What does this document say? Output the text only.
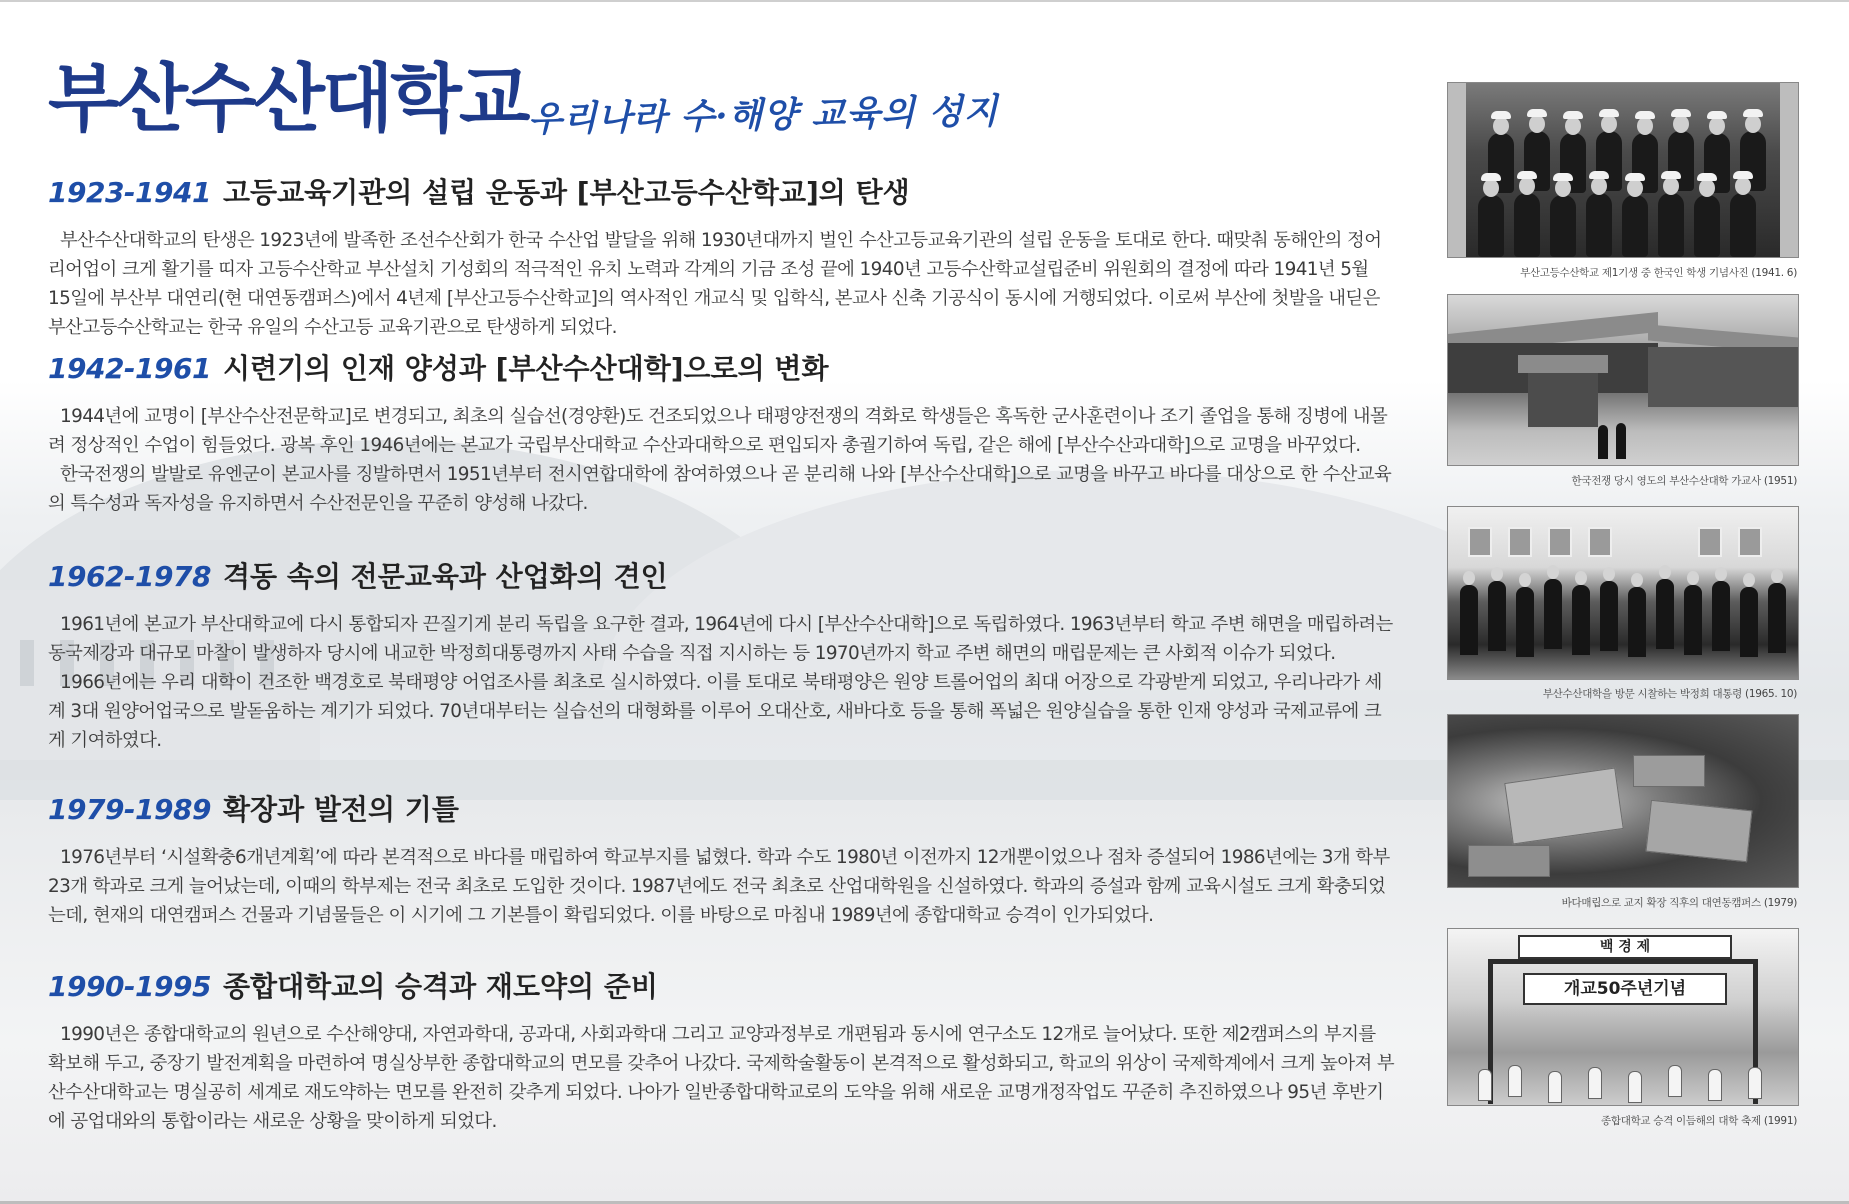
부산수산대학교 우리나라 수·해양 교육의 성지
1923-1941 고등교육기관의 설립 운동과 [부산고등수산학교]의 탄생

부산수산대학교의 탄생은 1923년에 발족한 조선수산회가 한국 수산업 발달을 위해 1930년대까지 벌인 수산고등교육기관의 설립 운동을 토대로 한다. 때맞춰 동해안의 정어리어업이 크게 활기를 띠자 고등수산학교 부산설치 기성회의 적극적인 유치 노력과 각계의 기금 조성 끝에 1940년 고등수산학교설립준비 위원회의 결정에 따라 1941년 5월 15일에 부산부 대연리(현 대연동캠퍼스)에서 4년제 [부산고등수산학교]의 역사적인 개교식 및 입학식, 본교사 신축 기공식이 동시에 거행되었다. 이로써 부산에 첫발을 내딛은 부산고등수산학교는 한국 유일의 수산고등 교육기관으로 탄생하게 되었다.

1942-1961 시련기의 인재 양성과 [부산수산대학]으로의 변화

1944년에 교명이 [부산수산전문학교]로 변경되고, 최초의 실습선(경양환)도 건조되었으나 태평양전쟁의 격화로 학생들은 혹독한 군사훈련이나 조기 졸업을 통해 징병에 내몰려 정상적인 수업이 힘들었다. 광복 후인 1946년에는 본교가 국립부산대학교 수산과대학으로 편입되자 총궐기하여 독립, 같은 해에 [부산수산과대학]으로 교명을 바꾸었다.

한국전쟁의 발발로 유엔군이 본교사를 징발하면서 1951년부터 전시연합대학에 참여하였으나 곧 분리해 나와 [부산수산대학]으로 교명을 바꾸고 바다를 대상으로 한 수산교육의 특수성과 독자성을 유지하면서 수산전문인을 꾸준히 양성해 나갔다.

1962-1978 격동 속의 전문교육과 산업화의 견인

1961년에 본교가 부산대학교에 다시 통합되자 끈질기게 분리 독립을 요구한 결과, 1964년에 다시 [부산수산대학]으로 독립하였다. 1963년부터 학교 주변 해면을 매립하려는 동국제강과 대규모 마찰이 발생하자 당시에 내교한 박정희대통령까지 사태 수습을 직접 지시하는 등 1970년까지 학교 주변 해면의 매립문제는 큰 사회적 이슈가 되었다.

1966년에는 우리 대학이 건조한 백경호로 북태평양 어업조사를 최초로 실시하였다. 이를 토대로 북태평양은 원양 트롤어업의 최대 어장으로 각광받게 되었고, 우리나라가 세계 3대 원양어업국으로 발돋움하는 계기가 되었다. 70년대부터는 실습선의 대형화를 이루어 오대산호, 새바다호 등을 통해 폭넓은 원양실습을 통한 인재 양성과 국제교류에 크게 기여하였다.

1979-1989 확장과 발전의 기틀

1976년부터 ‘시설확충6개년계획’에 따라 본격적으로 바다를 매립하여 학교부지를 넓혔다. 학과 수도 1980년 이전까지 12개뿐이었으나 점차 증설되어 1986년에는 3개 학부 23개 학과로 크게 늘어났는데, 이때의 학부제는 전국 최초로 도입한 것이다. 1987년에도 전국 최초로 산업대학원을 신설하였다. 학과의 증설과 함께 교육시설도 크게 확충되었는데, 현재의 대연캠퍼스 건물과 기념물들은 이 시기에 그 기본틀이 확립되었다. 이를 바탕으로 마침내 1989년에 종합대학교 승격이 인가되었다.

1990-1995 종합대학교의 승격과 재도약의 준비

1990년은 종합대학교의 원년으로 수산해양대, 자연과학대, 공과대, 사회과학대 그리고 교양과정부로 개편됨과 동시에 연구소도 12개로 늘어났다. 또한 제2캠퍼스의 부지를 확보해 두고, 중장기 발전계획을 마련하여 명실상부한 종합대학교의 면모를 갖추어 나갔다. 국제학술활동이 본격적으로 활성화되고, 학교의 위상이 국제학계에서 크게 높아져 부산수산대학교는 명실공히 세계로 재도약하는 면모를 완전히 갖추게 되었다. 나아가 일반종합대학교로의 도약을 위해 새로운 교명개정작업도 꾸준히 추진하였으나 95년 후반기에 공업대와의 통합이라는 새로운 상황을 맞이하게 되었다.

부산고등수산학교 제1기생 중 한국인 학생 기념사진 (1941. 6)
한국전쟁 당시 영도의 부산수산대학 가교사 (1951)
부산수산대학을 방문 시찰하는 박정희 대통령 (1965. 10)
바다매립으로 교지 확장 직후의 대연동캠퍼스 (1979)
백 경 제
개교50주년기념
종합대학교 승격 이듬해의 대학 축제 (1991)
